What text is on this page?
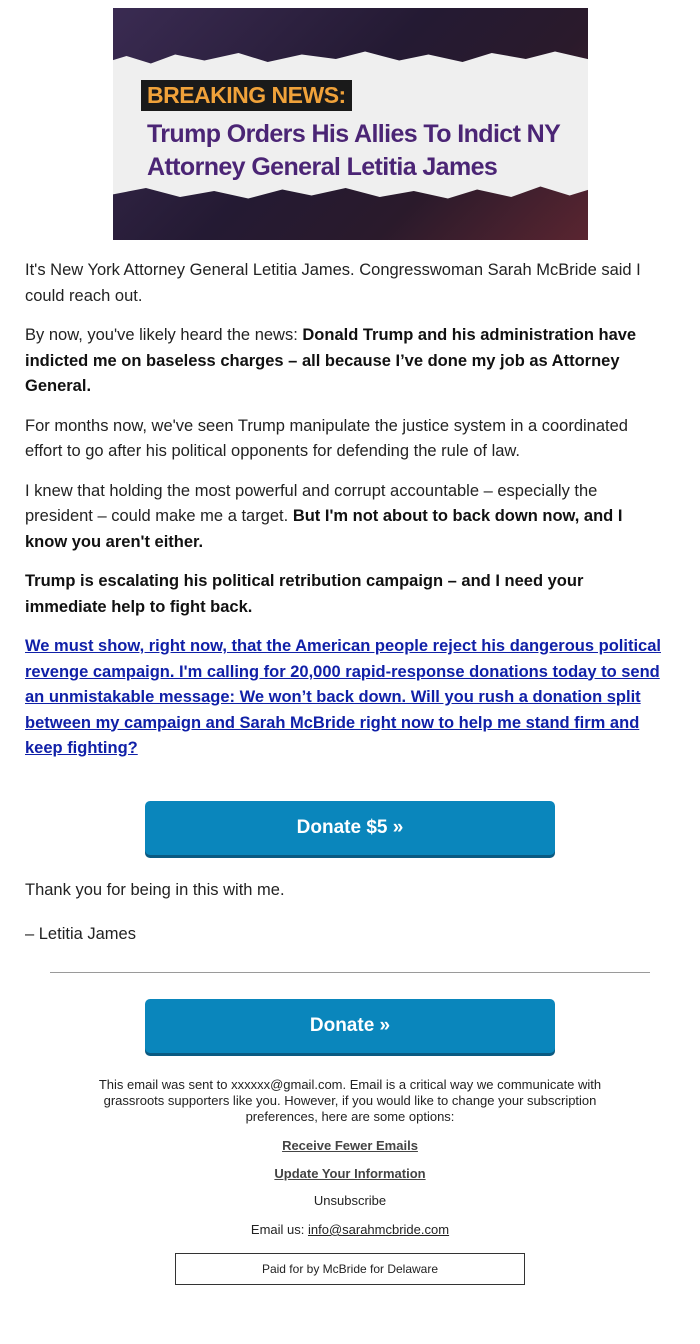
BREAKING NEWS:
Trump Orders His Allies To Indict NY Attorney General Letitia James

It's New York Attorney General Letitia James. Congresswoman Sarah McBride said I could reach out.

By now, you've likely heard the news: Donald Trump and his administration have indicted me on baseless charges – all because I’ve done my job as Attorney General.

For months now, we've seen Trump manipulate the justice system in a coordinated effort to go after his political opponents for defending the rule of law.

I knew that holding the most powerful and corrupt accountable – especially the president – could make me a target. But I'm not about to back down now, and I know you aren't either.

Trump is escalating his political retribution campaign – and I need your immediate help to fight back.

We must show, right now, that the American people reject his dangerous political revenge campaign. I'm calling for 20,000 rapid-response donations today to send an unmistakable message: We won’t back down. Will you rush a donation split between my campaign and Sarah McBride right now to help me stand firm and keep fighting?

Donate $5 »
Thank you for being in this with me.
– Letitia James
Donate »
This email was sent to xxxxxx@gmail.com. Email is a critical way we communicate with grassroots supporters like you. However, if you would like to change your subscription preferences, here are some options:
Receive Fewer Emails
Update Your Information
Unsubscribe
Email us: info@sarahmcbride.com
Paid for by McBride for Delaware
